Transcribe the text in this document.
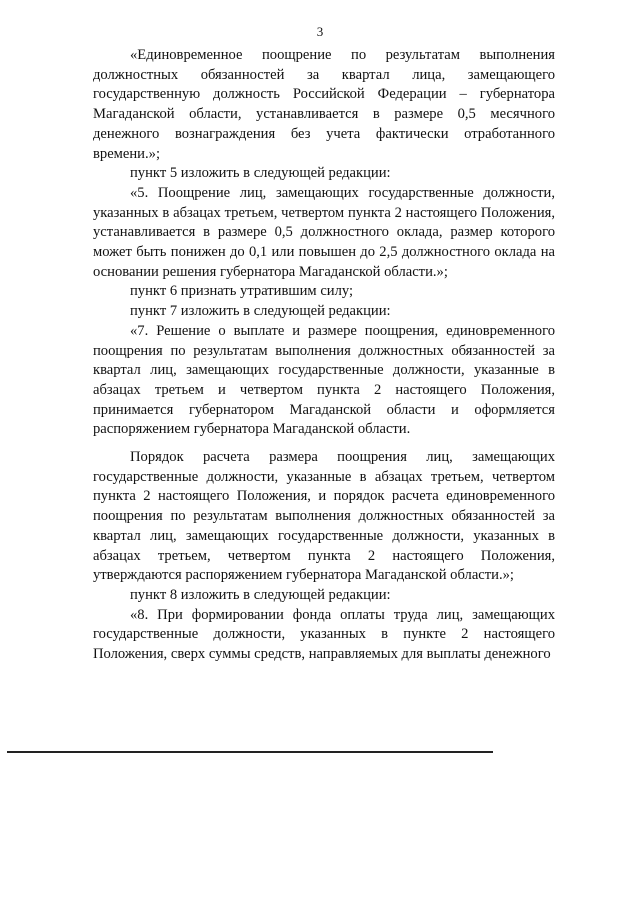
3

«Единовременное поощрение по результатам выполнения должностных обязанностей за квартал лица, замещающего государственную должность Российской Федерации – губернатора Магаданской области, устанавливается в размере 0,5 месячного денежного вознаграждения без учета фактически отработанного времени.»;

пункт 5 изложить в следующей редакции:

«5. Поощрение лиц, замещающих государственные должности, указанных в абзацах третьем, четвертом пункта 2 настоящего Положения, устанавливается в размере 0,5 должностного оклада, размер которого может быть понижен до 0,1 или повышен до 2,5 должностного оклада на основании решения губернатора Магаданской области.»;

пункт 6 признать утратившим силу;

пункт 7 изложить в следующей редакции:

«7. Решение о выплате и размере поощрения, единовременного поощрения по результатам выполнения должностных обязанностей за квартал лиц, замещающих государственные должности, указанные в абзацах третьем и четвертом пункта 2 настоящего Положения, принимается губернатором Магаданской области и оформляется распоряжением губернатора Магаданской области.

Порядок расчета размера поощрения лиц, замещающих государственные должности, указанные в абзацах третьем, четвертом пункта 2 настоящего Положения, и порядок расчета единовременного поощрения по результатам выполнения должностных обязанностей за квартал лиц, замещающих государственные должности, указанных в абзацах третьем, четвертом пункта 2 настоящего Положения, утверждаются распоряжением губернатора Магаданской области.»;

пункт 8 изложить в следующей редакции:

«8. При формировании фонда оплаты труда лиц, замещающих государственные должности, указанных в пункте 2 настоящего Положения, сверх суммы средств, направляемых для выплаты денежного
